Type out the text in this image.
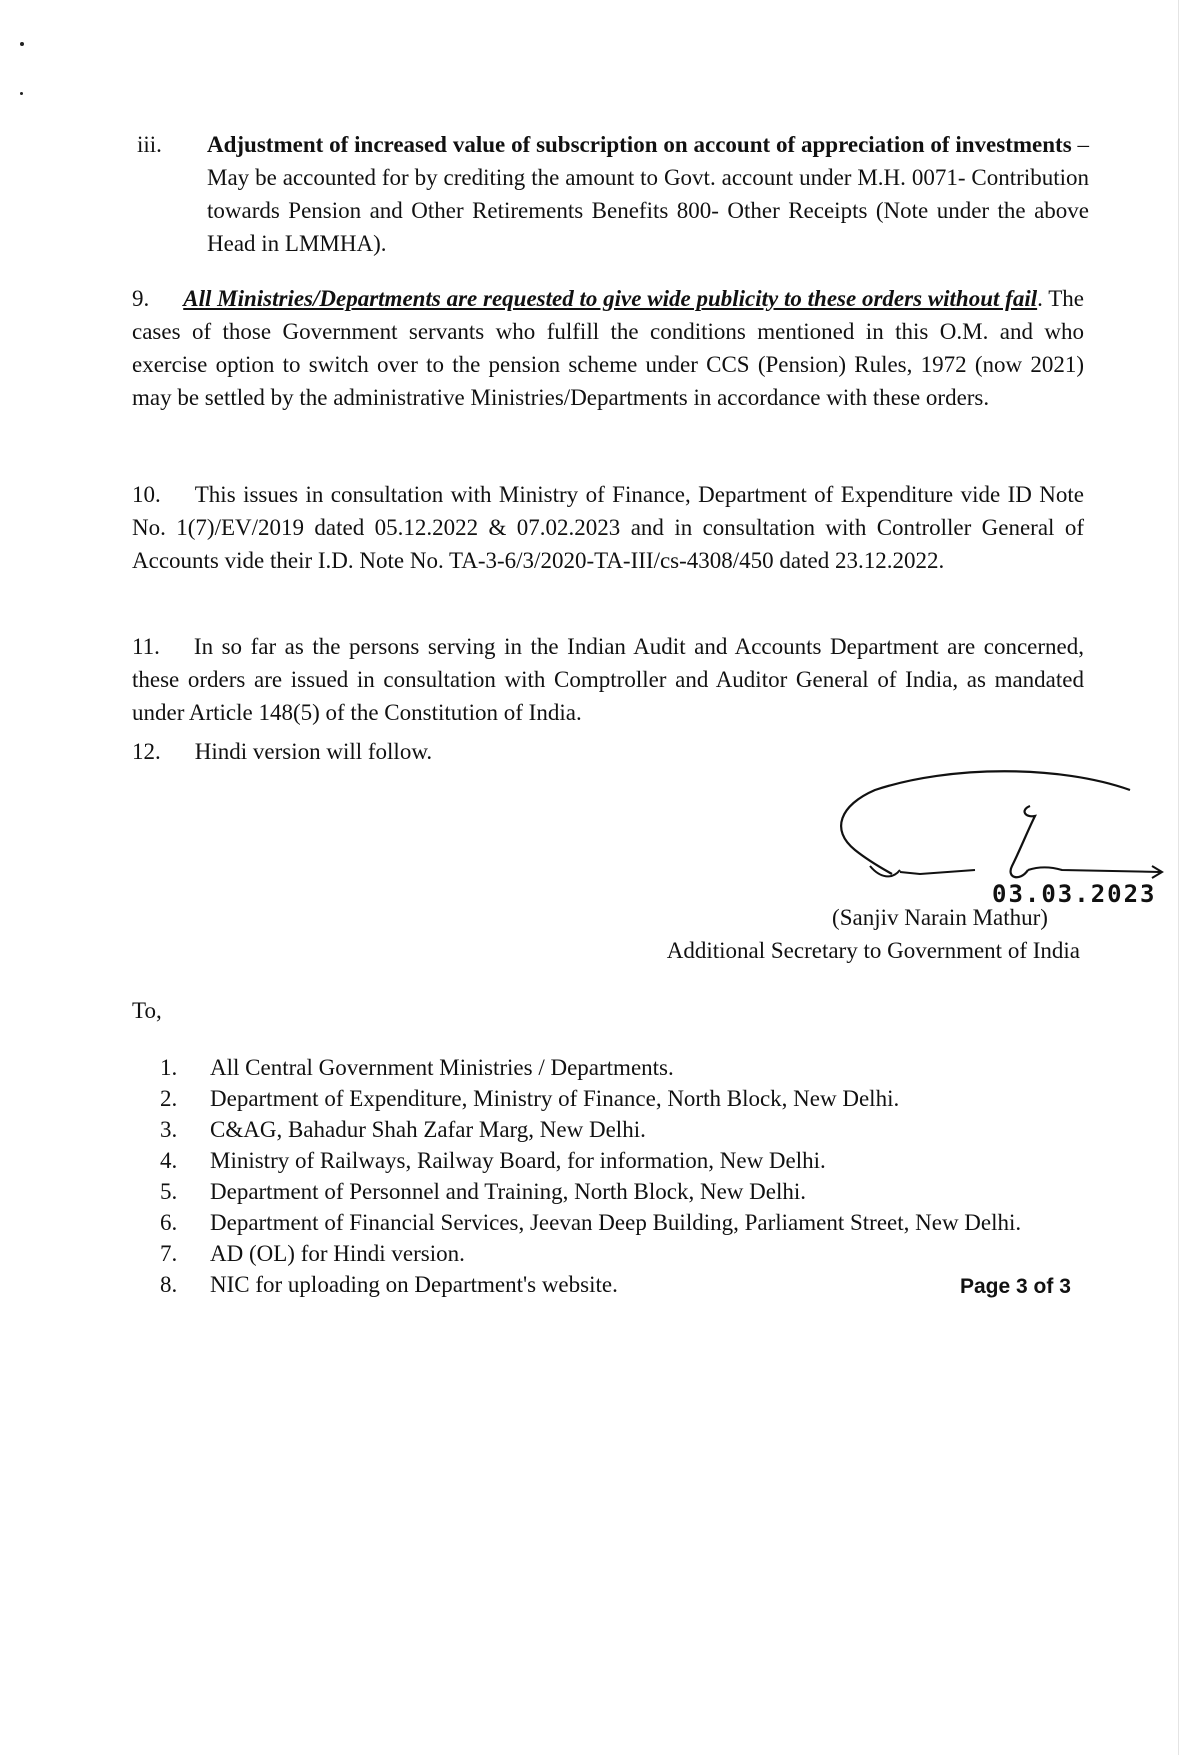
iii. Adjustment of increased value of subscription on account of appreciation of investments – May be accounted for by crediting the amount to Govt. account under M.H. 0071- Contribution towards Pension and Other Retirements Benefits 800- Other Receipts (Note under the above Head in LMMHA).
9. All Ministries/Departments are requested to give wide publicity to these orders without fail. The cases of those Government servants who fulfill the conditions mentioned in this O.M. and who exercise option to switch over to the pension scheme under CCS (Pension) Rules, 1972 (now 2021) may be settled by the administrative Ministries/Departments in accordance with these orders.
10. This issues in consultation with Ministry of Finance, Department of Expenditure vide ID Note No. 1(7)/EV/2019 dated 05.12.2022 & 07.02.2023 and in consultation with Controller General of Accounts vide their I.D. Note No. TA-3-6/3/2020-TA-III/cs-4308/450 dated 23.12.2022.
11. In so far as the persons serving in the Indian Audit and Accounts Department are concerned, these orders are issued in consultation with Comptroller and Auditor General of India, as mandated under Article 148(5) of the Constitution of India.
12. Hindi version will follow.
03.03.2023
(Sanjiv Narain Mathur)
Additional Secretary to Government of India
To,
1. All Central Government Ministries / Departments.
2. Department of Expenditure, Ministry of Finance, North Block, New Delhi.
3. C&AG, Bahadur Shah Zafar Marg, New Delhi.
4. Ministry of Railways, Railway Board, for information, New Delhi.
5. Department of Personnel and Training, North Block, New Delhi.
6. Department of Financial Services, Jeevan Deep Building, Parliament Street, New Delhi.
7. AD (OL) for Hindi version.
8. NIC for uploading on Department's website.	Page 3 of 3
